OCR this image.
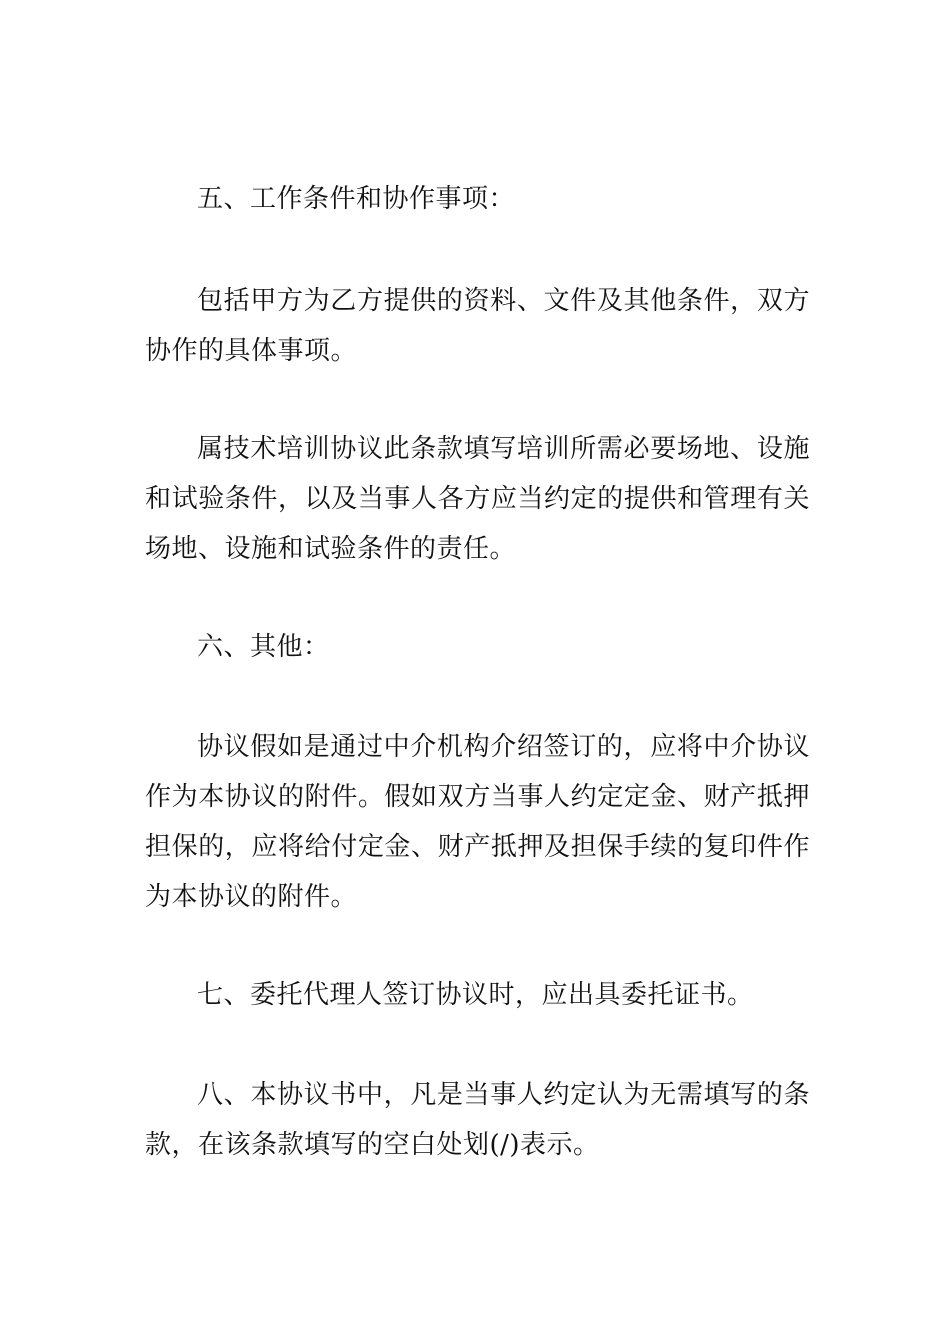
五、工作条件和协作事项：

包括甲方为乙方提供的资料、文件及其他条件，双方协作的具体事项。

属技术培训协议此条款填写培训所需必要场地、设施和试验条件，以及当事人各方应当约定的提供和管理有关场地、设施和试验条件的责任。

六、其他：

协议假如是通过中介机构介绍签订的，应将中介协议作为本协议的附件。假如双方当事人约定定金、财产抵押担保的，应将给付定金、财产抵押及担保手续的复印件作为本协议的附件。

七、委托代理人签订协议时，应出具委托证书。

八、本协议书中，凡是当事人约定认为无需填写的条款，在该条款填写的空白处划(/)表示。
